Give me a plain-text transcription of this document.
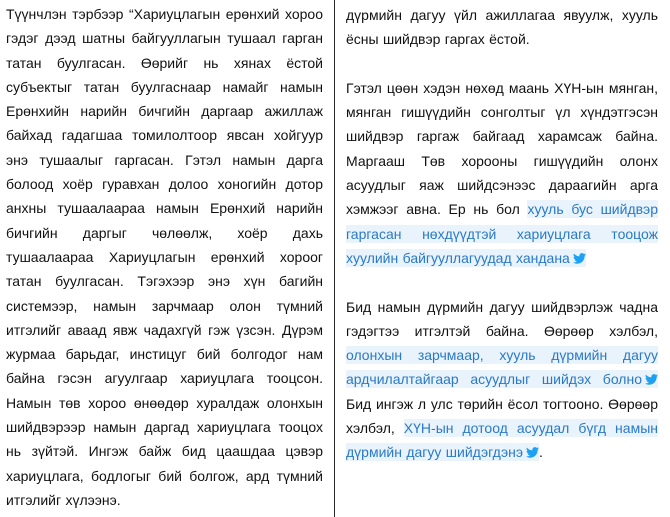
Түүнчлэн тэрбээр “Хариуцлагын ерөнхий хороо гэдэг дээд шатны байгууллагын тушаал гарган татан буулгасан. Өөрийг нь хянах ёстой субъектыг татан буулгаснаар намайг намын Ерөнхийн нарийн бичгийн даргаар ажиллаж байхад гадагшаа томилолтоор явсан хойгуур энэ тушаалыг гаргасан. Гэтэл намын дарга болоод хоёр гуравхан долоо хоногийн дотор анхны тушаалаараа намын Ерөнхий нарийн бичгийн даргыг чөлөөлж, хоёр дахь тушаалаараа Хариуцлагын ерөнхий хороог татан буулгасан. Тэгэхээр энэ хүн багийн системээр, намын зарчмаар олон түмний итгэлийг аваад явж чадахгүй гэж үзсэн. Дүрэм журмаа барьдаг, инстицуг бий болгодог нам байна гэсэн агуулгаар хариуцлага тооцсон. Намын төв хороо өнөөдөр хуралдаж олонхын шийдвэрээр намын даргад хариуцлага тооцох нь зүйтэй. Ингэж байж бид цаашдаа цэвэр хариуцлага, бодлогыг бий болгож, ард түмний итгэлийг хүлээнэ.

дүрмийн дагуу үйл ажиллагаа явуулж, хууль ёсны шийдвэр гаргах ёстой.

Гэтэл цөөн хэдэн нөхөд маань ХҮН-ын мянган, мянган гишүүдийн сонголтыг үл хүндэтгэсэн шийдвэр гаргаж байгаад харамсаж байна. Маргааш Төв хорооны гишүүдийн олонх асуудлыг яаж шийдсэнээс дараагийн арга хэмжээг авна. Ер нь бол хууль бус шийдвэр гаргасан нөхдүүдтэй хариуцлага тооцож хуулийн байгууллагуудад хандана

Бид намын дүрмийн дагуу шийдвэрлэж чадна гэдэгтээ итгэлтэй байна. Өөрөөр хэлбэл, олонхын зарчмаар, хууль дүрмийн дагуу ардчилалтайгаар асуудлыг шийдэх болно
Бид ингэж л улс төрийн ёсол тогтооно. Өөрөөр хэлбэл, ХҮН-ын дотоод асуудал бүгд намын дүрмийн дагуу шийдэгдэнэ .
